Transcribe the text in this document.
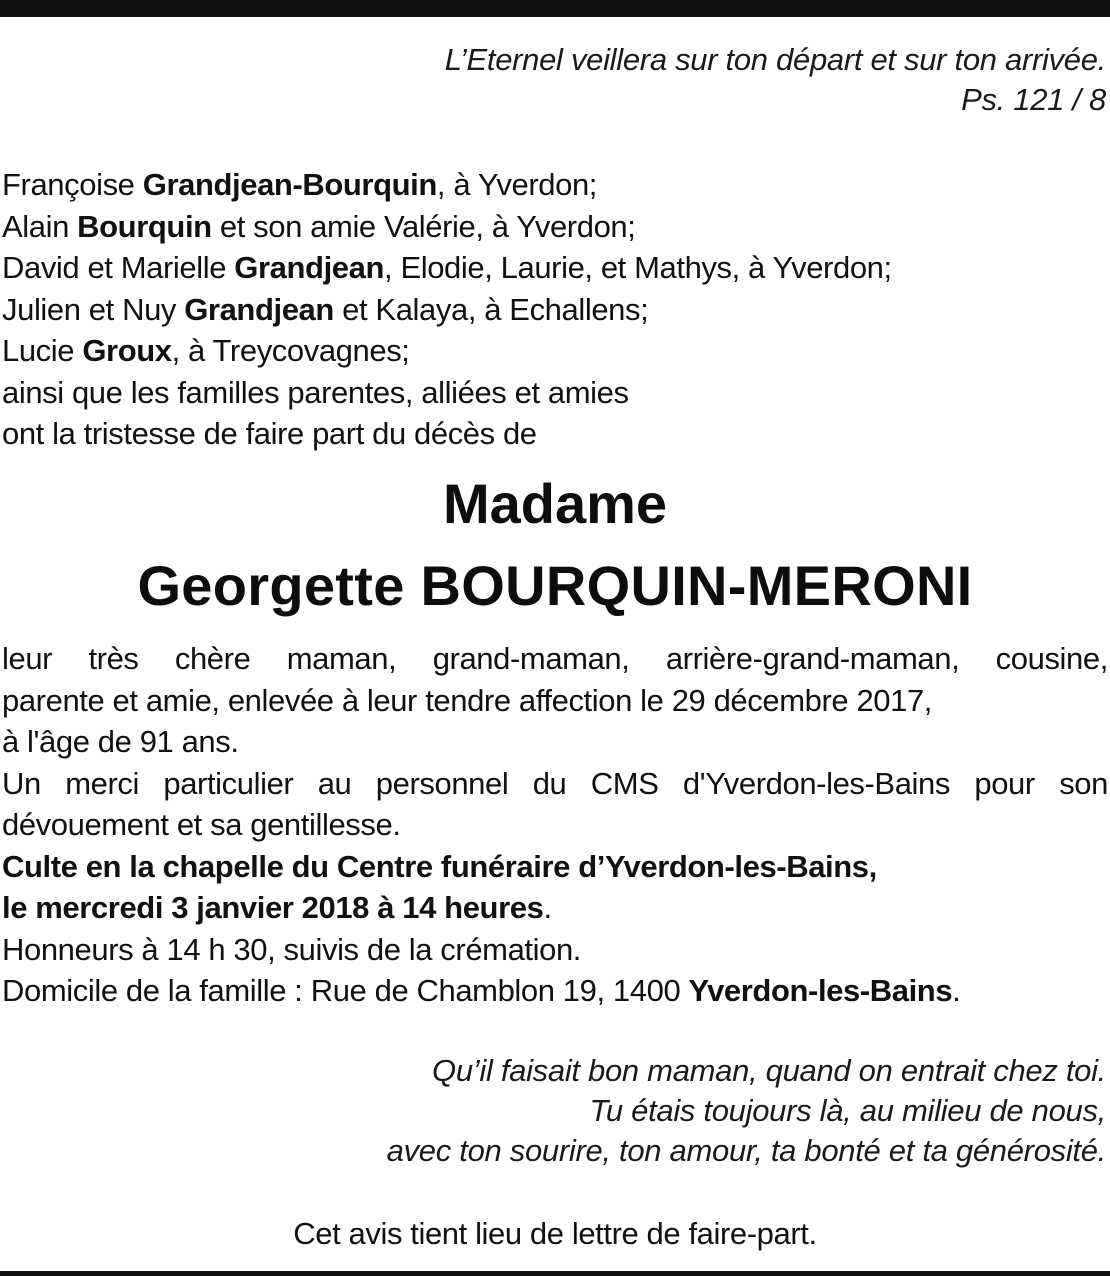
L’Eternel veillera sur ton départ et sur ton arrivée.
Ps. 121 / 8
Françoise Grandjean-Bourquin, à Yverdon;
Alain Bourquin et son amie Valérie, à Yverdon;
David et Marielle Grandjean, Elodie, Laurie, et Mathys, à Yverdon;
Julien et Nuy Grandjean et Kalaya, à Echallens;
Lucie Groux, à Treycovagnes;
ainsi que les familles parentes, alliées et amies
ont la tristesse de faire part du décès de
Madame
Georgette BOURQUIN-MERONI
leur très chère maman, grand-maman, arrière-grand-maman, cousine,
parente et amie, enlevée à leur tendre affection le 29 décembre 2017,
à l'âge de 91 ans.
Un merci particulier au personnel du CMS d'Yverdon-les-Bains pour son
dévouement et sa gentillesse.
Culte en la chapelle du Centre funéraire d’Yverdon-les-Bains,
le mercredi 3 janvier 2018 à 14 heures.
Honneurs à 14 h 30, suivis de la crémation.
Domicile de la famille : Rue de Chamblon 19, 1400 Yverdon-les-Bains.
Qu’il faisait bon maman, quand on entrait chez toi.
Tu étais toujours là, au milieu de nous,
avec ton sourire, ton amour, ta bonté et ta générosité.
Cet avis tient lieu de lettre de faire-part.
